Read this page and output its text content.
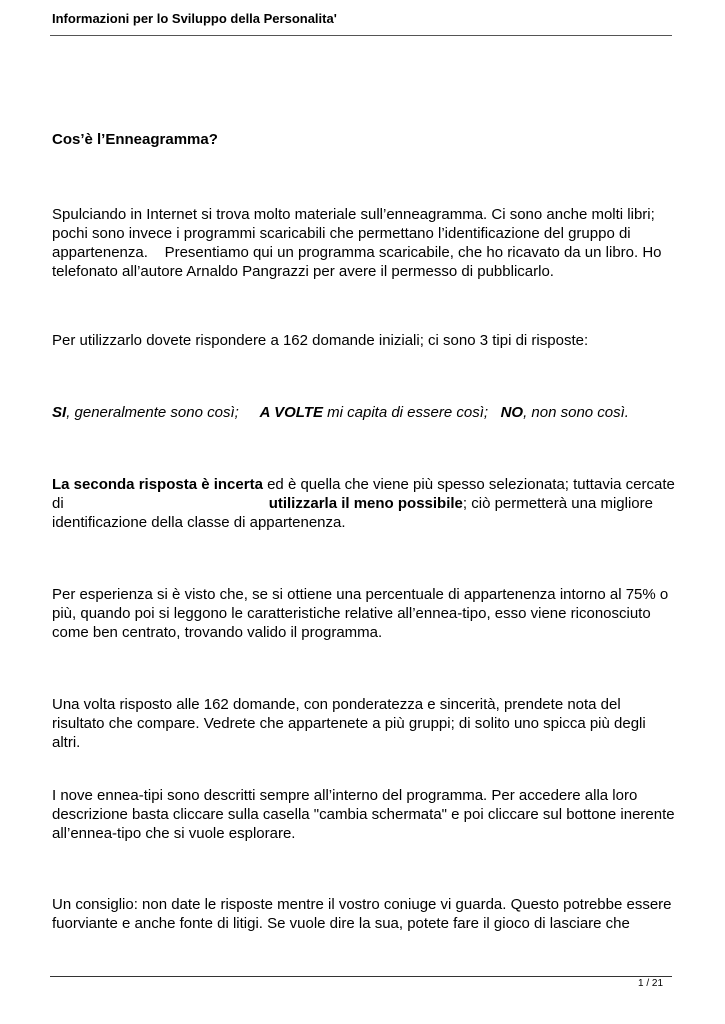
Informazioni per lo Sviluppo della Personalita'
Cos’è l’Enneagramma?
Spulciando in Internet si trova molto materiale sull’enneagramma. Ci sono anche molti libri; pochi sono invece i programmi scaricabili che permettano l’identificazione del gruppo di appartenenza. Presentiamo qui un programma scaricabile, che ho ricavato da un libro. Ho telefonato all’autore Arnaldo Pangrazzi per avere il permesso di pubblicarlo.
Per utilizzarlo dovete rispondere a 162 domande iniziali; ci sono 3 tipi di risposte:
SI, generalmente sono così; A VOLTE mi capita di essere così; NO, non sono così.
La seconda risposta è incerta ed è quella che viene più spesso selezionata; tuttavia cercate
di	utilizzarla il meno possibile; ciò permetterà una migliore
identificazione della classe di appartenenza.
Per esperienza si è visto che, se si ottiene una percentuale di appartenenza intorno al 75% o più, quando poi si leggono le caratteristiche relative all’ennea-tipo, esso viene riconosciuto come ben centrato, trovando valido il programma.
Una volta risposto alle 162 domande, con ponderatezza e sincerità, prendete nota del risultato che compare. Vedrete che appartenete a più gruppi; di solito uno spicca più degli altri.
I nove ennea-tipi sono descritti sempre all’interno del programma. Per accedere alla loro descrizione basta cliccare sulla casella "cambia schermata" e poi cliccare sul bottone inerente all’ennea-tipo che si vuole esplorare.
Un consiglio: non date le risposte mentre il vostro coniuge vi guarda. Questo potrebbe essere fuorviante e anche fonte di litigi. Se vuole dire la sua, potete fare il gioco di lasciare che
1 / 21
